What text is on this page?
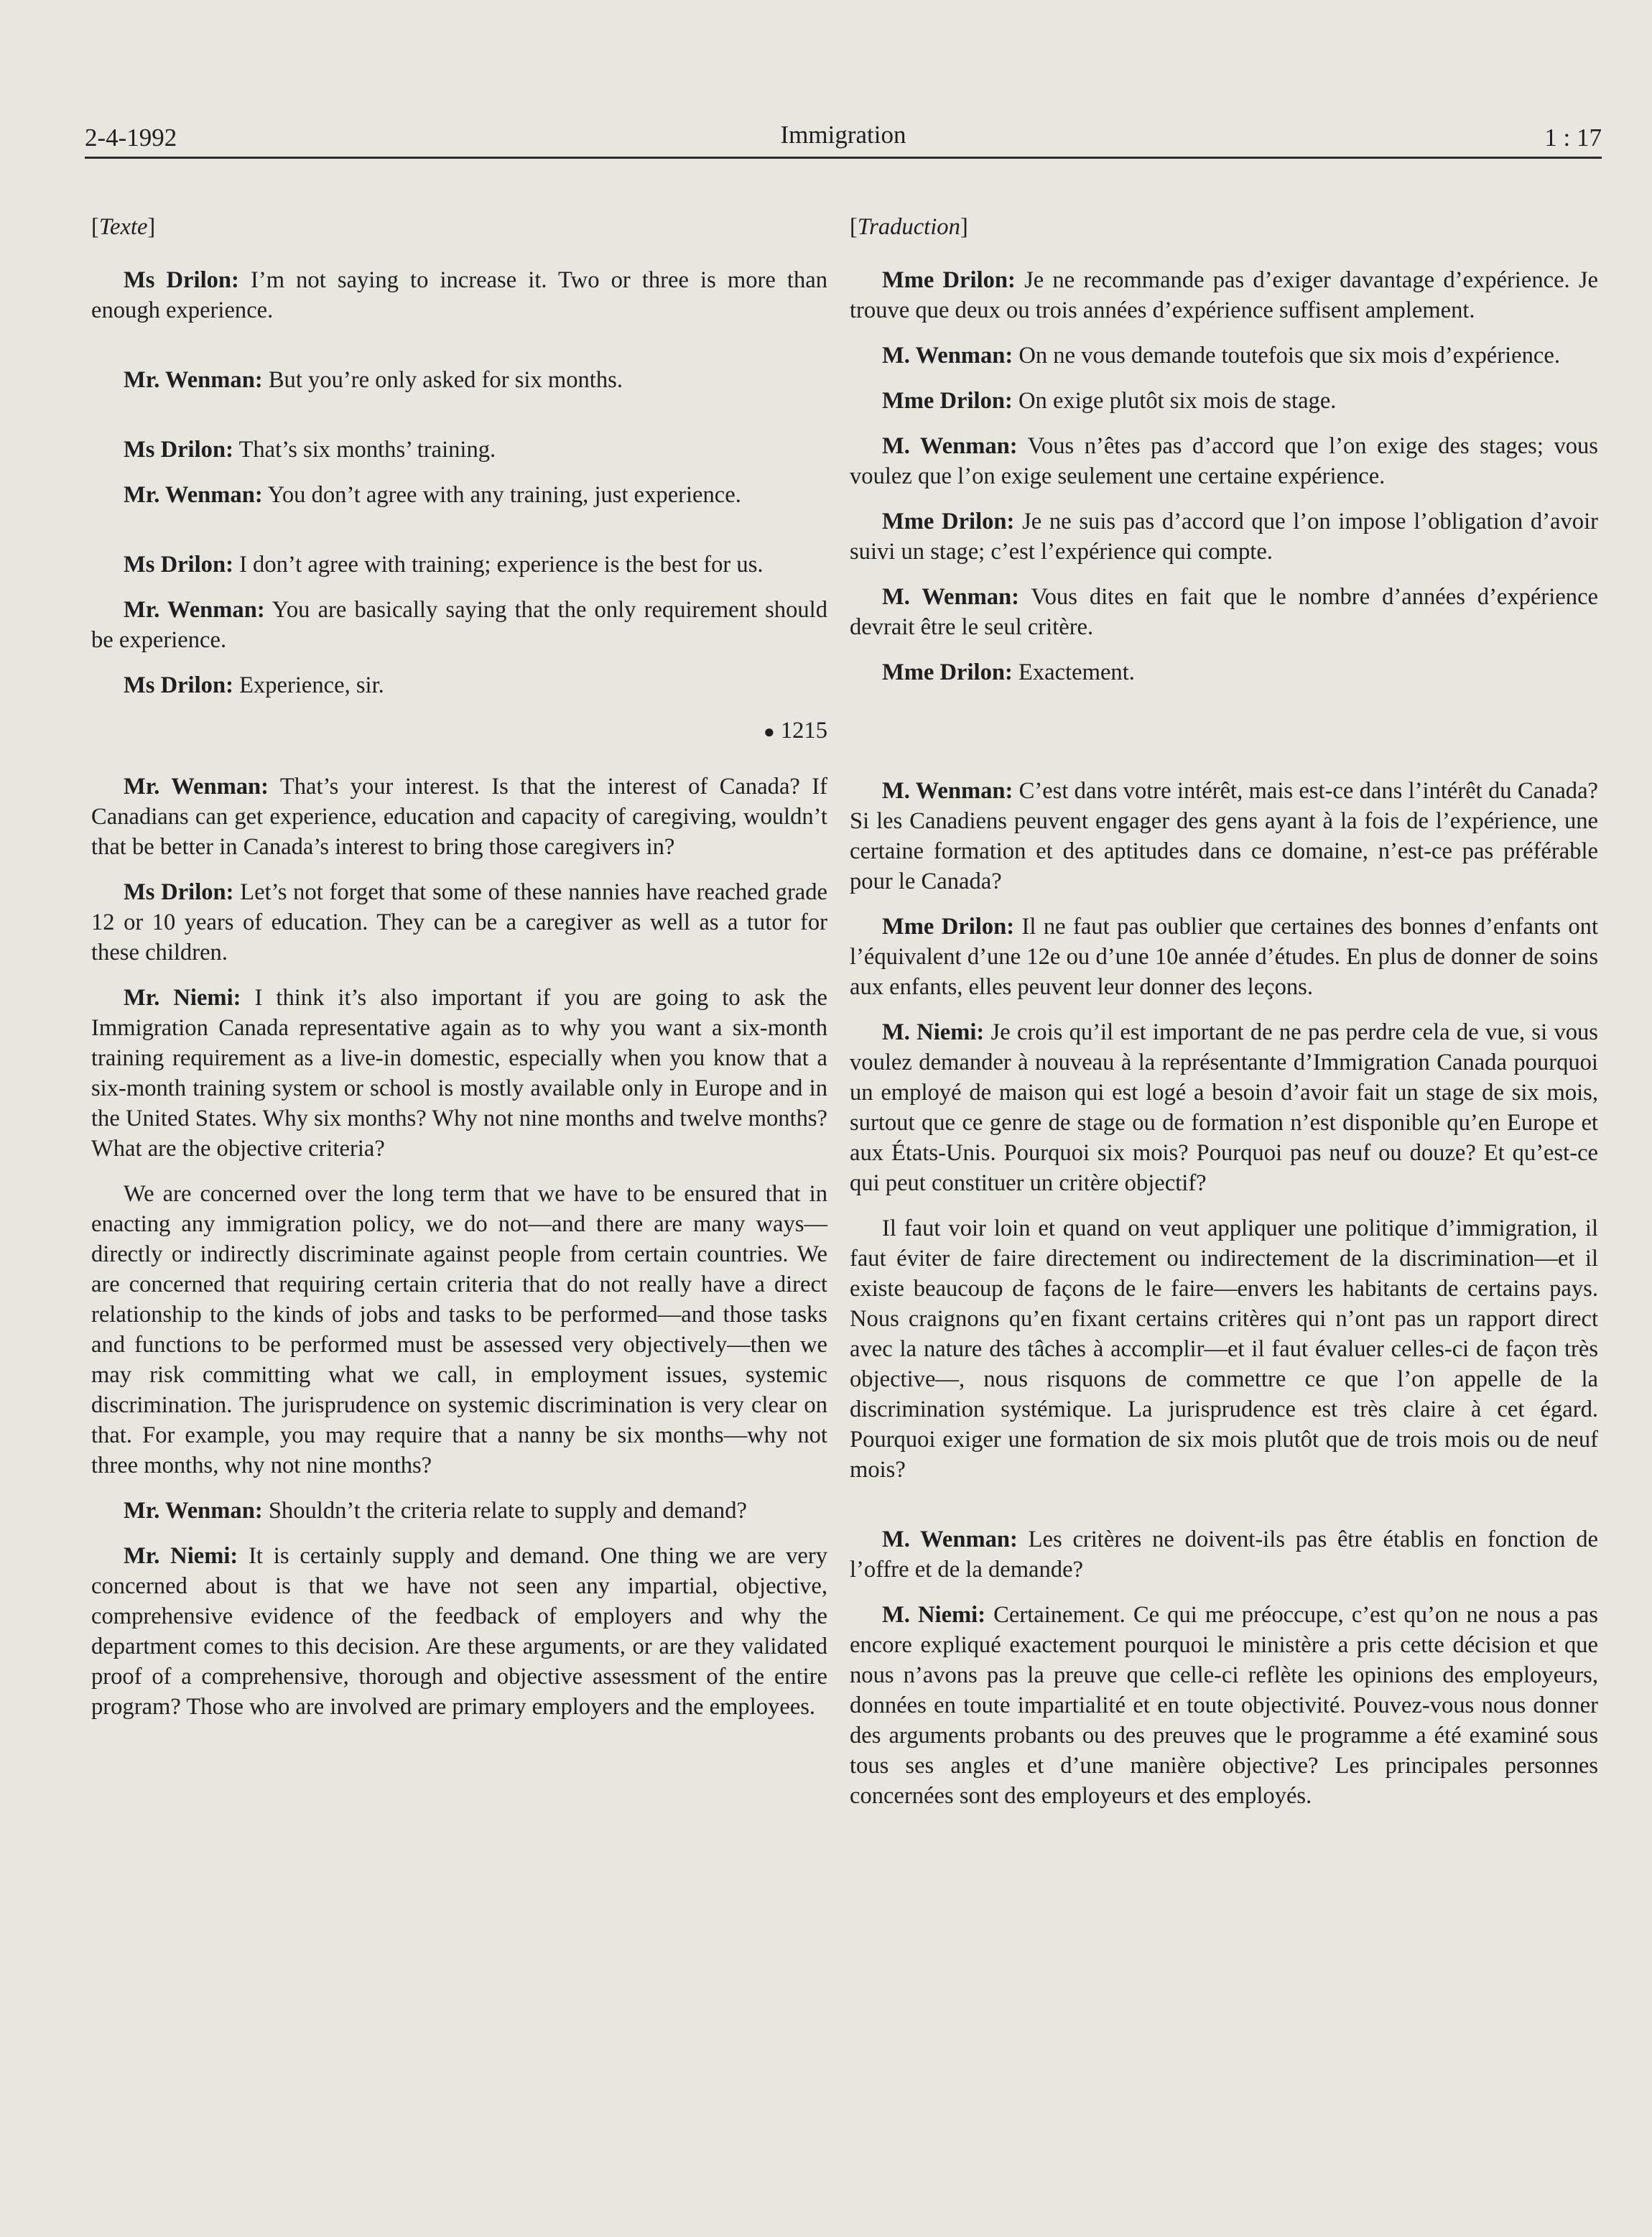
2-4-1992	Immigration	1 : 17

[Texte]

Ms Drilon: I’m not saying to increase it. Two or three is more than enough experience.

Mr. Wenman: But you’re only asked for six months.

Ms Drilon: That’s six months’ training.

Mr. Wenman: You don’t agree with any training, just experience.

Ms Drilon: I don’t agree with training; experience is the best for us.

Mr. Wenman: You are basically saying that the only requirement should be experience.

Ms Drilon: Experience, sir.

● 1215

Mr. Wenman: That’s your interest. Is that the interest of Canada? If Canadians can get experience, education and capacity of caregiving, wouldn’t that be better in Canada’s interest to bring those caregivers in?

Ms Drilon: Let’s not forget that some of these nannies have reached grade 12 or 10 years of education. They can be a caregiver as well as a tutor for these children.

Mr. Niemi: I think it’s also important if you are going to ask the Immigration Canada representative again as to why you want a six-month training requirement as a live-in domestic, especially when you know that a six-month training system or school is mostly available only in Europe and in the United States. Why six months? Why not nine months and twelve months? What are the objective criteria?

We are concerned over the long term that we have to be ensured that in enacting any immigration policy, we do not—and there are many ways—directly or indirectly discriminate against people from certain countries. We are concerned that requiring certain criteria that do not really have a direct relationship to the kinds of jobs and tasks to be performed—and those tasks and functions to be performed must be assessed very objectively—then we may risk committing what we call, in employment issues, systemic discrimination. The jurisprudence on systemic discrimination is very clear on that. For example, you may require that a nanny be six months—why not three months, why not nine months?

Mr. Wenman: Shouldn’t the criteria relate to supply and demand?

Mr. Niemi: It is certainly supply and demand. One thing we are very concerned about is that we have not seen any impartial, objective, comprehensive evidence of the feedback of employers and why the department comes to this decision. Are these arguments, or are they validated proof of a comprehensive, thorough and objective assessment of the entire program? Those who are involved are primary employers and the employees.

[Traduction]

Mme Drilon: Je ne recommande pas d’exiger davantage d’expérience. Je trouve que deux ou trois années d’expérience suffisent amplement.

M. Wenman: On ne vous demande toutefois que six mois d’expérience.

Mme Drilon: On exige plutôt six mois de stage.

M. Wenman: Vous n’êtes pas d’accord que l’on exige des stages; vous voulez que l’on exige seulement une certaine expérience.

Mme Drilon: Je ne suis pas d’accord que l’on impose l’obligation d’avoir suivi un stage; c’est l’expérience qui compte.

M. Wenman: Vous dites en fait que le nombre d’années d’expérience devrait être le seul critère.

Mme Drilon: Exactement.

M. Wenman: C’est dans votre intérêt, mais est-ce dans l’intérêt du Canada? Si les Canadiens peuvent engager des gens ayant à la fois de l’expérience, une certaine formation et des aptitudes dans ce domaine, n’est-ce pas préférable pour le Canada?

Mme Drilon: Il ne faut pas oublier que certaines des bonnes d’enfants ont l’équivalent d’une 12e ou d’une 10e année d’études. En plus de donner de soins aux enfants, elles peuvent leur donner des leçons.

M. Niemi: Je crois qu’il est important de ne pas perdre cela de vue, si vous voulez demander à nouveau à la représentante d’Immigration Canada pourquoi un employé de maison qui est logé a besoin d’avoir fait un stage de six mois, surtout que ce genre de stage ou de formation n’est disponible qu’en Europe et aux États-Unis. Pourquoi six mois? Pourquoi pas neuf ou douze? Et qu’est-ce qui peut constituer un critère objectif?

Il faut voir loin et quand on veut appliquer une politique d’immigration, il faut éviter de faire directement ou indirectement de la discrimination—et il existe beaucoup de façons de le faire—envers les habitants de certains pays. Nous craignons qu’en fixant certains critères qui n’ont pas un rapport direct avec la nature des tâches à accomplir—et il faut évaluer celles-ci de façon très objective—, nous risquons de commettre ce que l’on appelle de la discrimination systémique. La jurisprudence est très claire à cet égard. Pourquoi exiger une formation de six mois plutôt que de trois mois ou de neuf mois?

M. Wenman: Les critères ne doivent-ils pas être établis en fonction de l’offre et de la demande?

M. Niemi: Certainement. Ce qui me préoccupe, c’est qu’on ne nous a pas encore expliqué exactement pourquoi le ministère a pris cette décision et que nous n’avons pas la preuve que celle-ci reflète les opinions des employeurs, données en toute impartialité et en toute objectivité. Pouvez-vous nous donner des arguments probants ou des preuves que le programme a été examiné sous tous ses angles et d’une manière objective? Les principales personnes concernées sont des employeurs et des employés.
